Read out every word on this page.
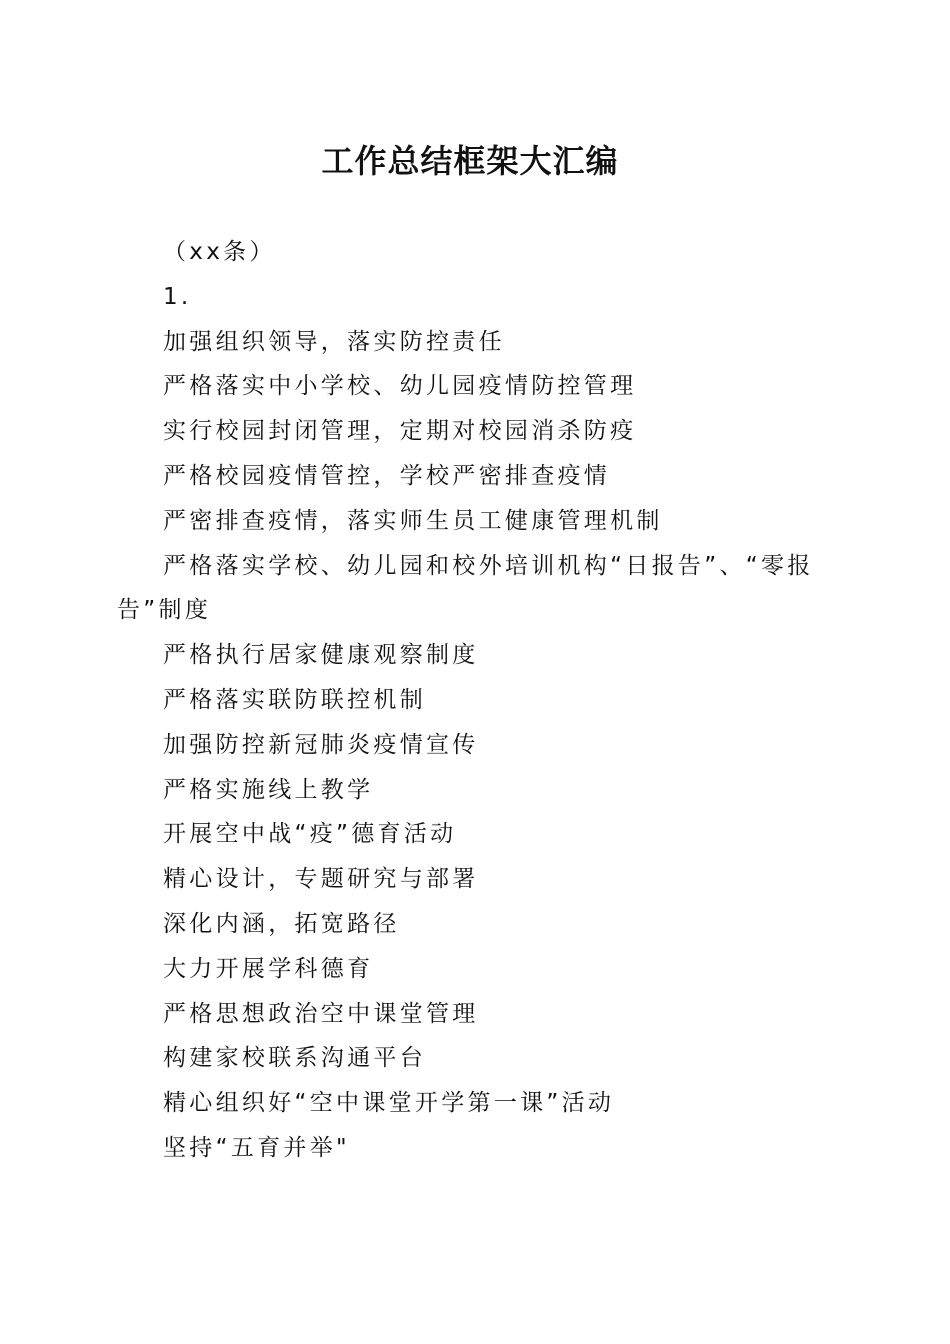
工作总结框架大汇编

（xx条）

1.

加强组织领导，落实防控责任

严格落实中小学校、幼儿园疫情防控管理

实行校园封闭管理，定期对校园消杀防疫

严格校园疫情管控，学校严密排查疫情

严密排查疫情，落实师生员工健康管理机制

严格落实学校、幼儿园和校外培训机构“日报告”、“零报告”制度

严格执行居家健康观察制度

严格落实联防联控机制

加强防控新冠肺炎疫情宣传

严格实施线上教学

开展空中战“疫”德育活动

精心设计，专题研究与部署

深化内涵，拓宽路径

大力开展学科德育

严格思想政治空中课堂管理

构建家校联系沟通平台

精心组织好“空中课堂开学第一课”活动

坚持“五育并举"
